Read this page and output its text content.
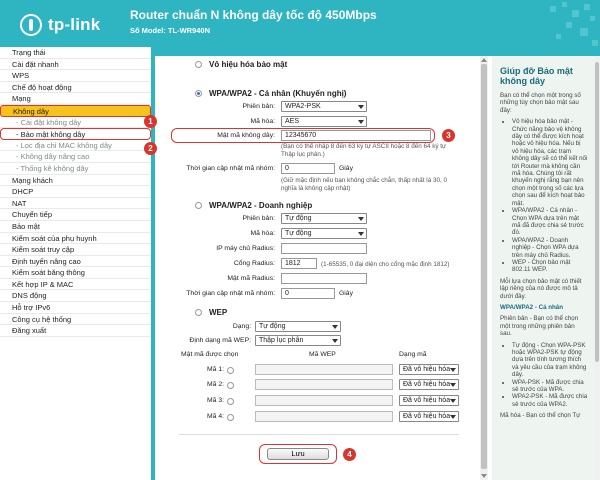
tp-link Router chuẩn N không dây tốc độ 450Mbps
Số Model: TL-WR940N
Trạng thái
Cài đặt nhanh
WPS
Chế độ hoạt động
Mạng
Không dây
- Cài đặt không dây
- Bảo mật không dây
- Lọc địa chỉ MAC không dây
- Không dây nâng cao
- Thống kê không dây
Mạng khách
DHCP
NAT
Chuyển tiếp
Bảo mật
Kiểm soát của phụ huynh
Kiểm soát truy cập
Định tuyến nâng cao
Kiểm soát băng thông
Kết hợp IP & MAC
DNS động
Hỗ trợ IPv6
Công cụ hệ thống
Đăng xuất
1
2
Vô hiệu hóa bảo mật
WPA/WPA2 - Cá nhân (Khuyến nghị)
Phiên bản:	WPA2-PSK
Mã hóa:	AES
Mật mã không dây:	12345670	3
(Bạn có thể nhập 8 đến 63 ký tự ASCII hoặc 8 đến 64 ký tự Thập lục phân.)
Thời gian cập nhật mã nhóm:	0	Giây
(Giữ mặc định nếu bạn không chắc chắn, thấp nhất là 30, 0 nghĩa là không cập nhật)
WPA/WPA2 - Doanh nghiệp
Phiên bản:	Tự động
Mã hóa:	Tự động
IP máy chủ Radius:
Cổng Radius:	1812	(1-65535, 0 đại diện cho cổng mặc định 1812)
Mật mã Radius:
Thời gian cập nhật mã nhóm:	0	Giây
WEP
Dạng:	Tự động
Định dạng mã WEP:	Thập lục phân
Mật mã được chọn	Mã WEP	Dạng mã
Mã 1:	Đã vô hiệu hóa
Mã 2:	Đã vô hiệu hóa
Mã 3:	Đã vô hiệu hóa
Mã 4:	Đã vô hiệu hóa
Lưu	4
Giúp đỡ Bảo mật không dây

Bạn có thể chọn một trong số những tùy chọn bảo mật sau đây:

• Vô hiệu hóa bảo mật - Chức năng bảo vệ không dây có thể được kích hoạt hoặc vô hiệu hóa. Nếu bị vô hiệu hóa, các trạm không dây sẽ có thể kết nối tới Router mà không cần mã hóa. Chúng tôi rất khuyến nghị rằng bạn nên chọn một trong số các lựa chọn sau để kích hoạt bảo mật.
• WPA/WPA2 - Cá nhân - Chọn WPA dựa trên mật mã đã được chia sẻ trước đó.
• WPA/WPA2 - Doanh nghiệp - Chọn WPA dựa trên máy chủ Radius.
• WEP - Chọn bảo mật 802.11 WEP.

Mỗi lựa chọn bảo mật có thiết lập riêng của nó được mô tả dưới đây.

WPA/WPA2 - Cá nhân

Phiên bản - Bạn có thể chọn một trong những phiên bản sau.

• Tự động - Chọn WPA-PSK hoặc WPA2-PSK tự động dựa trên tính tương thích và yêu cầu của trạm không dây.
• WPA-PSK - Mã được chia sẻ trước của WPA.
• WPA2-PSK - Mã được chia sẻ trước của WPA2.

Mã hóa - Bạn có thể chọn Tự
